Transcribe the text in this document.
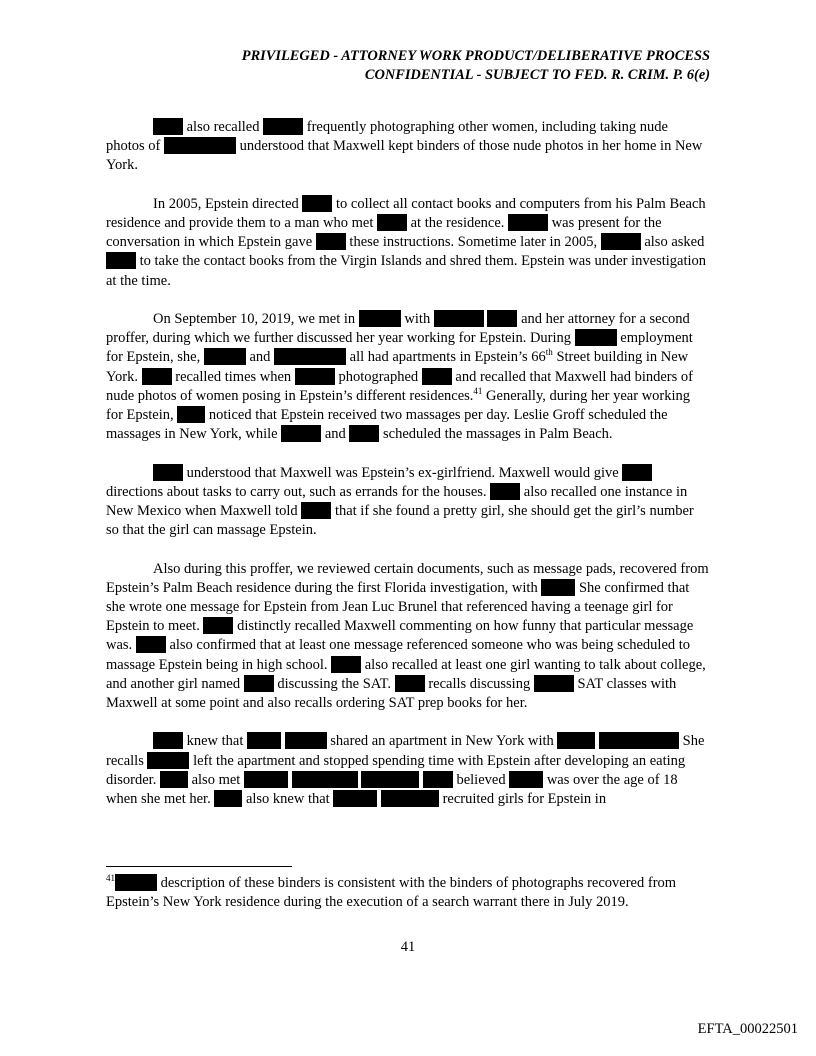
PRIVILEGED - ATTORNEY WORK PRODUCT/DELIBERATIVE PROCESS
CONFIDENTIAL - SUBJECT TO FED. R. CRIM. P. 6(e)

also recalled	frequently photographing other women, including taking nude photos of	understood that Maxwell kept binders of those nude photos in her home in New York.

In 2005, Epstein directed  to collect all contact books and computers from his Palm Beach residence and provide them to a man who met  at the residence.	was present for the conversation in which Epstein gave  these instructions. Sometime later in 2005,	also asked  to take the contact books from the Virgin Islands and shred them. Epstein was under investigation at the time.

On September 10, 2019, we met in	with	and her attorney for a second proffer, during which we further discussed her year working for Epstein. During	employment for Epstein, she,	and	all had apartments in Epstein’s 66th Street building in New York.  recalled times when	photographed  and recalled that Maxwell had binders of nude photos of women posing in Epstein’s different residences.$^{41}$ Generally, during her year working for Epstein,  noticed that Epstein received two massages per day. Leslie Groff scheduled the massages in New York, while	and  scheduled the massages in Palm Beach.

understood that Maxwell was Epstein’s ex-girlfriend. Maxwell would give  directions about tasks to carry out, such as errands for the houses.  also recalled one instance in New Mexico when Maxwell told  that if she found a pretty girl, she should get the girl’s number so that the girl can massage Epstein.

Also during this proffer, we reviewed certain documents, such as message pads, recovered from Epstein’s Palm Beach residence during the first Florida investigation, with  She confirmed that she wrote one message for Epstein from Jean Luc Brunel that referenced having a teenage girl for Epstein to meet.  distinctly recalled Maxwell commenting on how funny that particular message was.  also confirmed that at least one message referenced someone who was being scheduled to massage Epstein being in high school.  also recalled at least one girl wanting to talk about college, and another girl named  discussing the SAT.  recalls discussing	SAT classes with Maxwell at some point and also recalls ordering SAT prep books for her.

knew that	shared an apartment in New York with	She recalls	left the apartment and stopped spending time with Epstein after developing an eating disorder.  also met	believed  was over the age of 18 when she met her.  also knew that	recruited girls for Epstein in

$^{41}$	description of these binders is consistent with the binders of photographs recovered from Epstein’s New York residence during the execution of a search warrant there in July 2019.
41
EFTA_00022501
